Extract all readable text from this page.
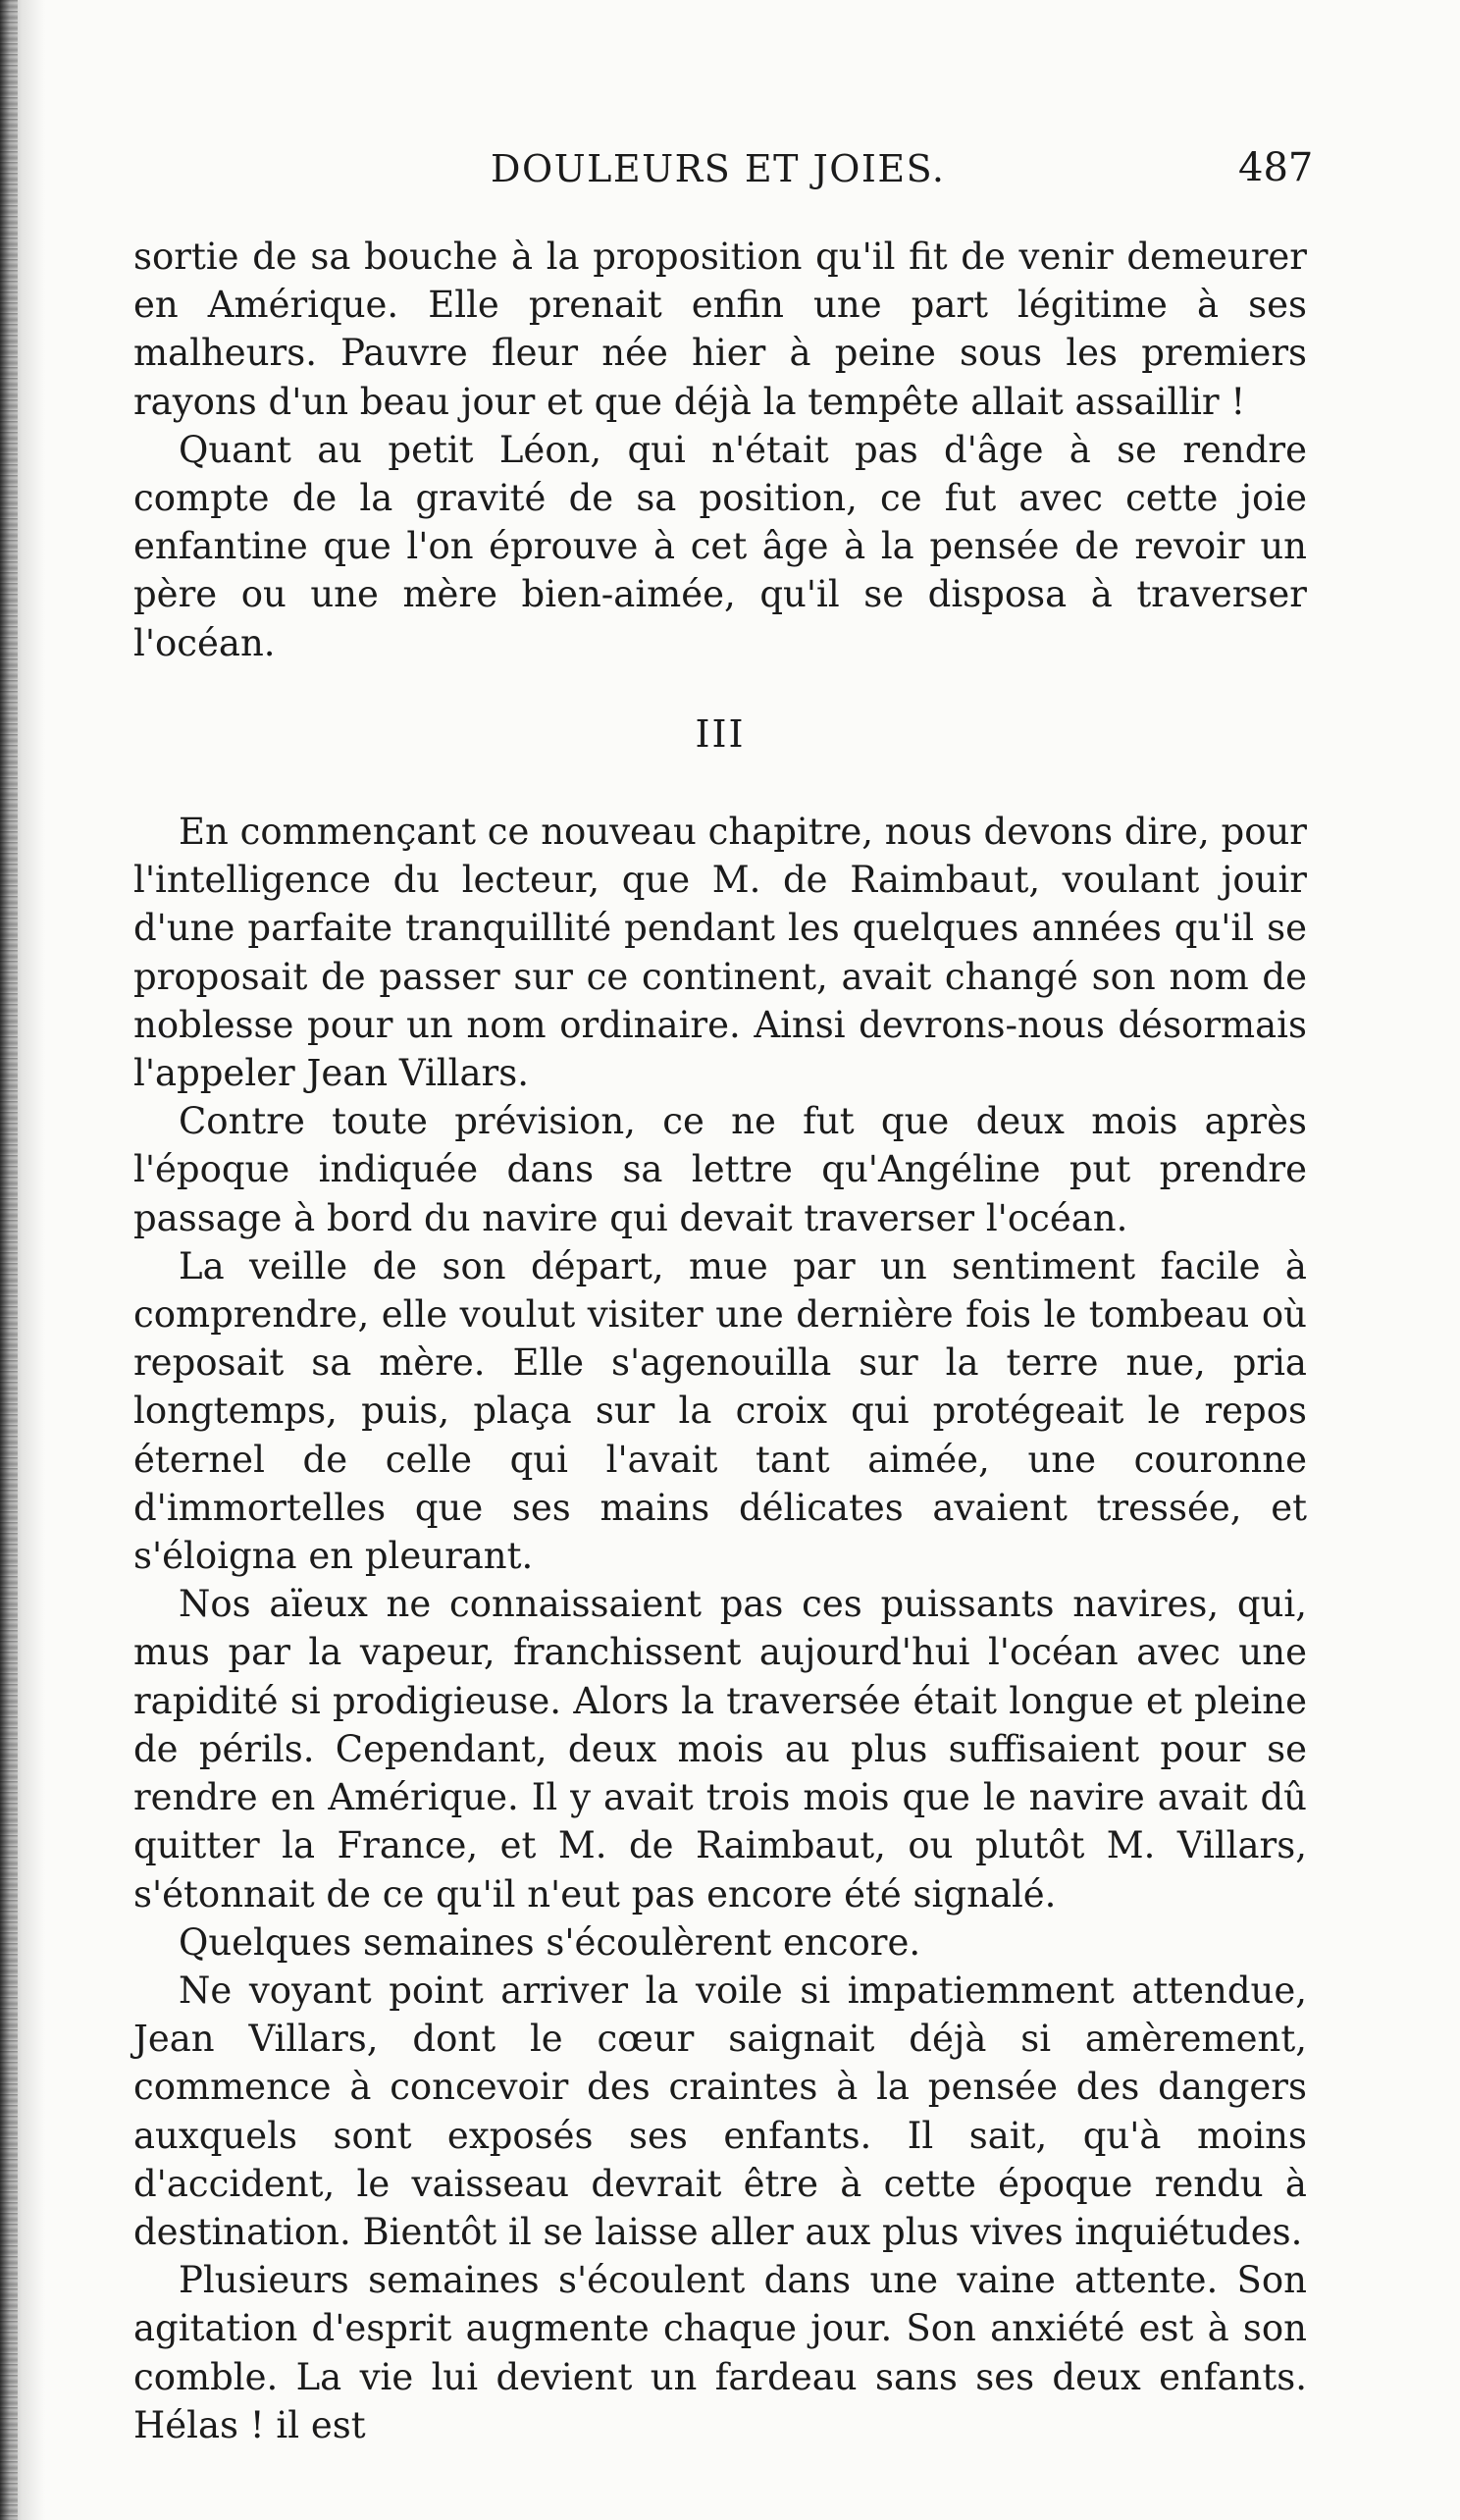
DOULEURS ET JOIES.	487

sortie de sa bouche à la proposition qu'il fit de venir demeurer en Amérique. Elle prenait enfin une part légitime à ses malheurs. Pauvre fleur née hier à peine sous les premiers rayons d'un beau jour et que déjà la tempête allait assaillir !

Quant au petit Léon, qui n'était pas d'âge à se rendre compte de la gravité de sa position, ce fut avec cette joie enfantine que l'on éprouve à cet âge à la pensée de revoir un père ou une mère bien-aimée, qu'il se disposa à traverser l'océan.

III

En commençant ce nouveau chapitre, nous devons dire, pour l'intelligence du lecteur, que M. de Raimbaut, voulant jouir d'une parfaite tranquillité pendant les quelques années qu'il se proposait de passer sur ce continent, avait changé son nom de noblesse pour un nom ordinaire. Ainsi devrons-nous désormais l'appeler Jean Villars.

Contre toute prévision, ce ne fut que deux mois après l'époque indiquée dans sa lettre qu'Angéline put prendre passage à bord du navire qui devait traverser l'océan.

La veille de son départ, mue par un sentiment facile à comprendre, elle voulut visiter une dernière fois le tombeau où reposait sa mère. Elle s'agenouilla sur la terre nue, pria longtemps, puis, plaça sur la croix qui protégeait le repos éternel de celle qui l'avait tant aimée, une couronne d'immortelles que ses mains délicates avaient tressée, et s'éloigna en pleurant.

Nos aïeux ne connaissaient pas ces puissants navires, qui, mus par la vapeur, franchissent aujourd'hui l'océan avec une rapidité si prodigieuse. Alors la traversée était longue et pleine de périls. Cependant, deux mois au plus suffisaient pour se rendre en Amérique. Il y avait trois mois que le navire avait dû quitter la France, et M. de Raimbaut, ou plutôt M. Villars, s'étonnait de ce qu'il n'eut pas encore été signalé.

Quelques semaines s'écoulèrent encore.

Ne voyant point arriver la voile si impatiemment attendue, Jean Villars, dont le cœur saignait déjà si amèrement, commence à concevoir des craintes à la pensée des dangers auxquels sont exposés ses enfants. Il sait, qu'à moins d'accident, le vaisseau devrait être à cette époque rendu à destination. Bientôt il se laisse aller aux plus vives inquiétudes.

Plusieurs semaines s'écoulent dans une vaine attente. Son agitation d'esprit augmente chaque jour. Son anxiété est à son comble. La vie lui devient un fardeau sans ses deux enfants. Hélas ! il est
